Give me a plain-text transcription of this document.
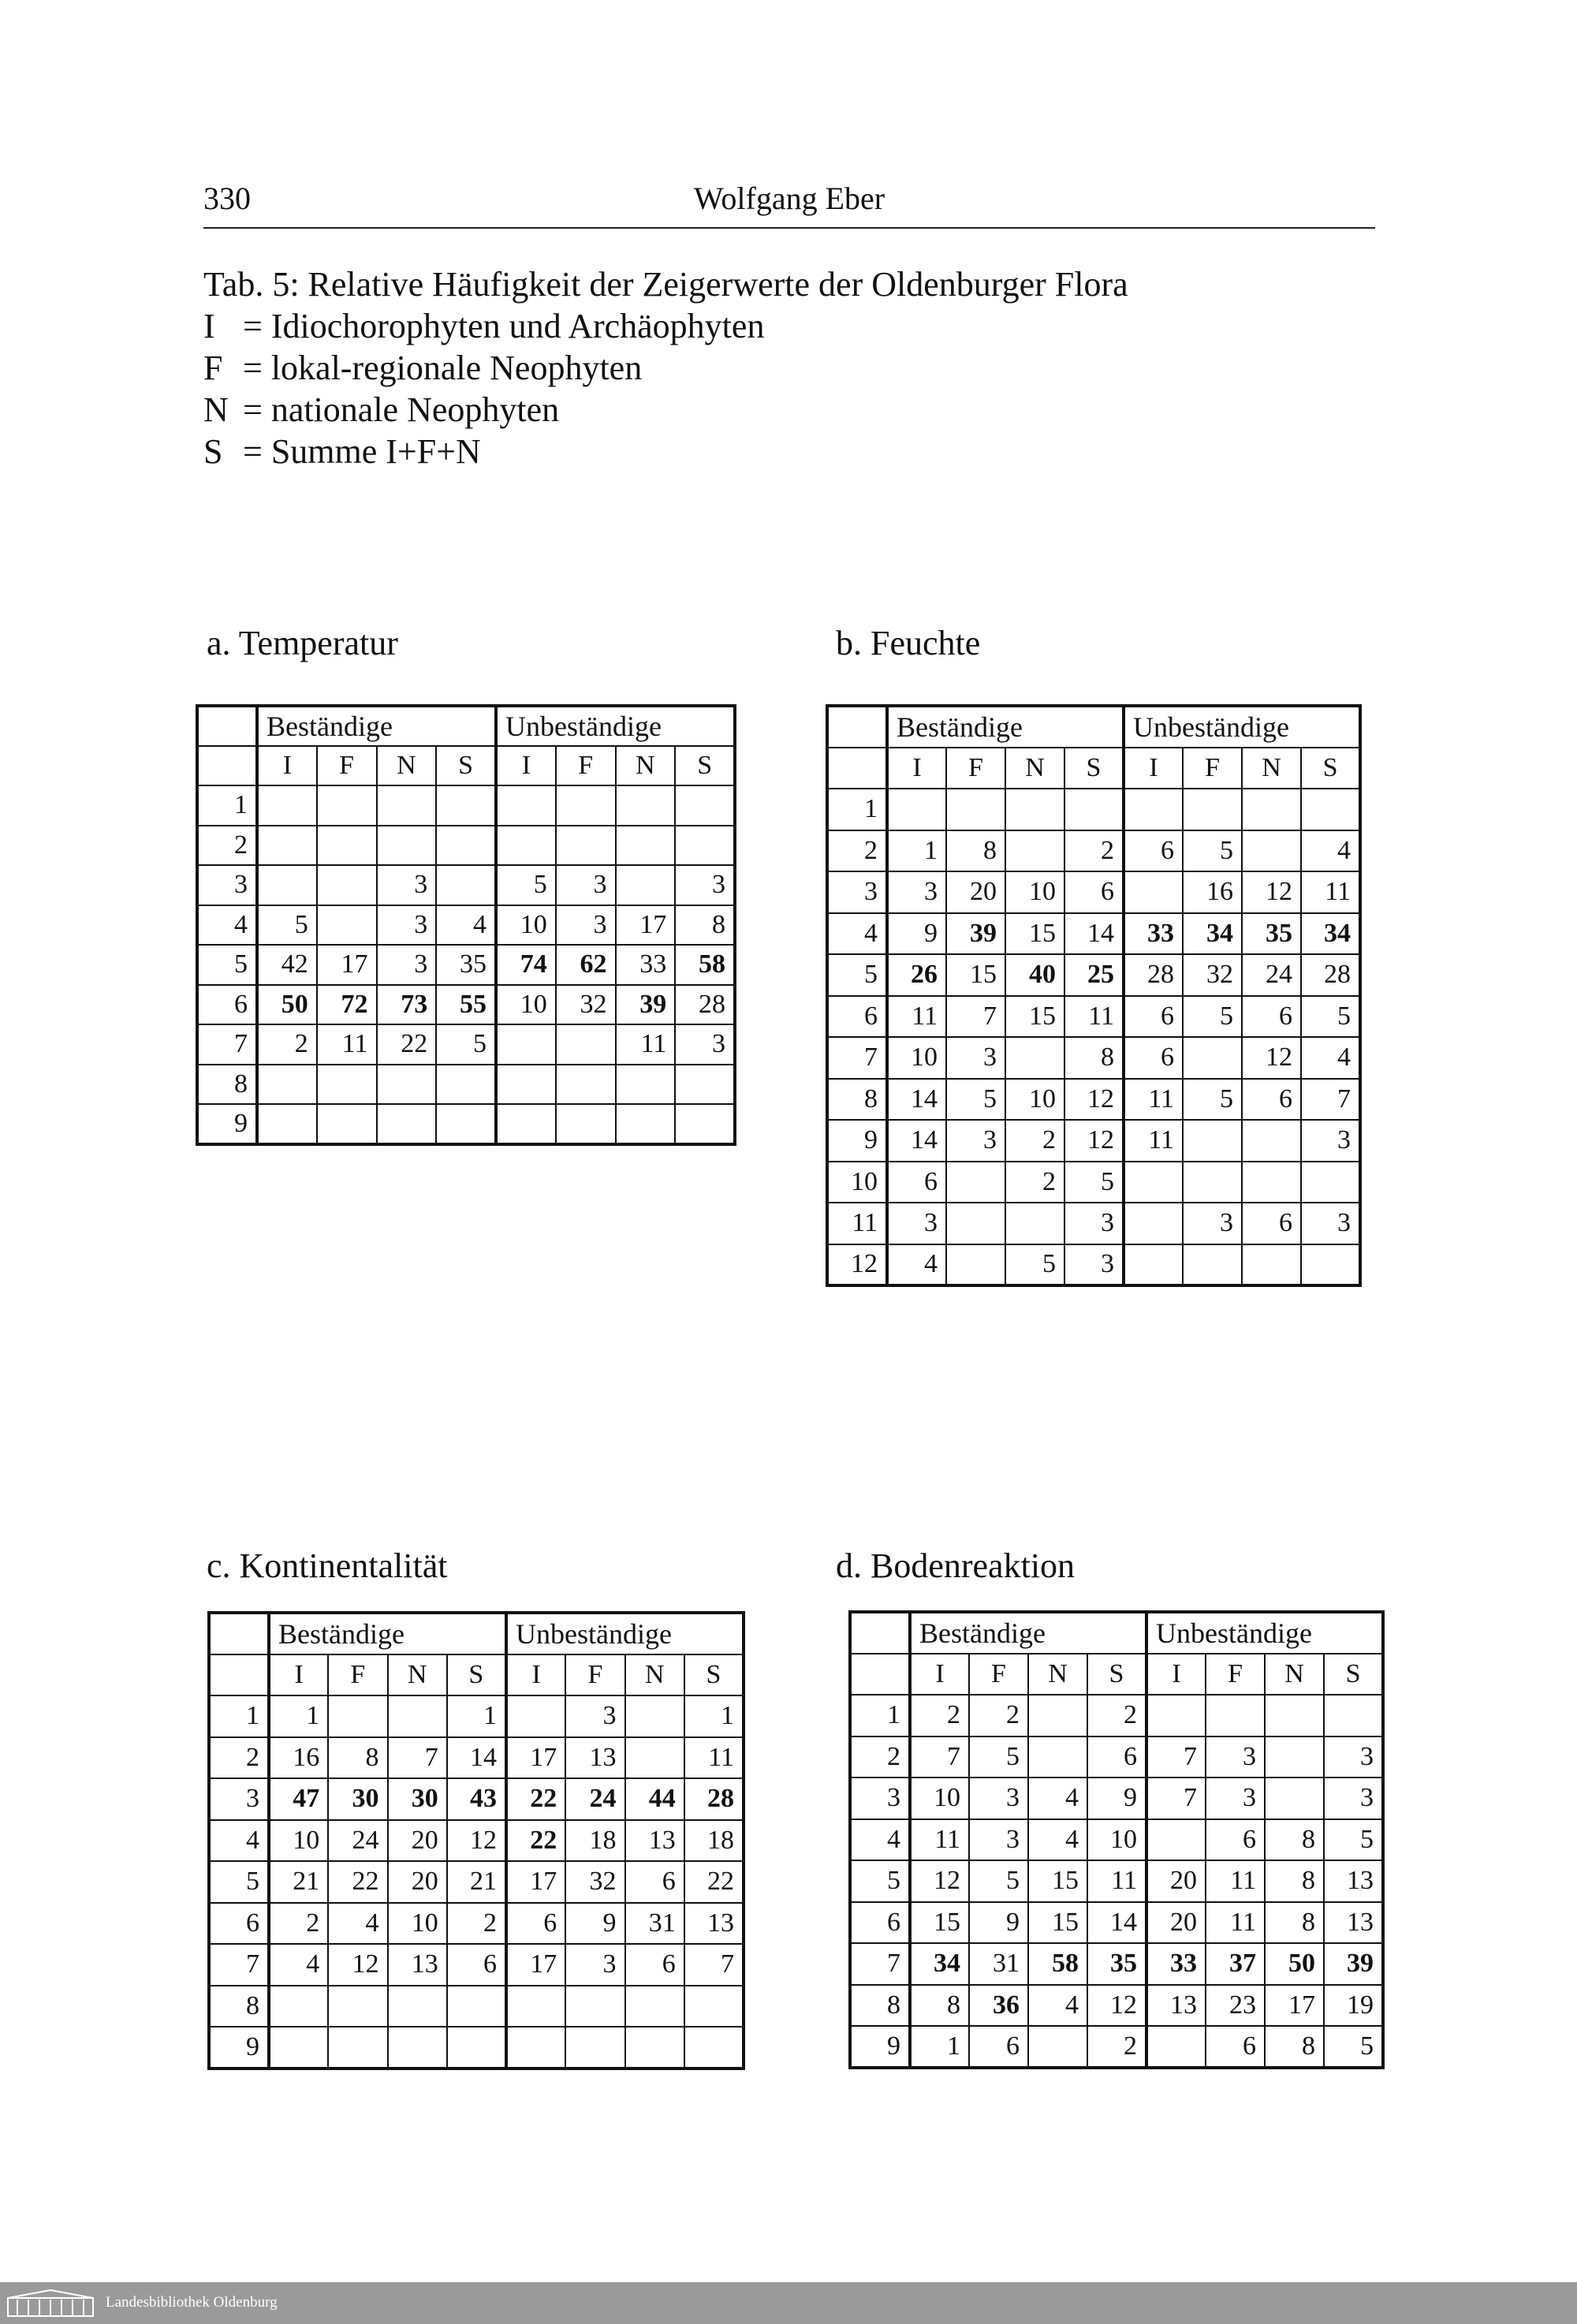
330	Wolfgang Eber
Tab. 5: Relative Häufigkeit der Zeigerwerte der Oldenburger Flora
I = Idiochorophyten und Archäophyten
F = lokal-regionale Neophyten
N = nationale Neophyten
S = Summe I+F+N
a. Temperatur	b. Feuchte
c. Kontinentalität	d. Bodenreaktion
	Beständige				Unbeständige			
	I	F	N	S	I	F	N	S
1								
2								
3			3		5	3		3
4	5		3	4	10	3	17	8
5	42	17	3	35	74	62	33	58
6	50	72	73	55	10	32	39	28
7	2	11	22	5			11	3
8								
9								
	Beständige				Unbeständige			
	I	F	N	S	I	F	N	S
1								
2	1	8		2	6	5		4
3	3	20	10	6		16	12	11
4	9	39	15	14	33	34	35	34
5	26	15	40	25	28	32	24	28
6	11	7	15	11	6	5	6	5
7	10	3		8	6		12	4
8	14	5	10	12	11	5	6	7
9	14	3	2	12	11			3
10	6		2	5				
11	3			3		3	6	3
12	4		5	3				
	Beständige				Unbeständige			
	I	F	N	S	I	F	N	S
1	1			1		3		1
2	16	8	7	14	17	13		11
3	47	30	30	43	22	24	44	28
4	10	24	20	12	22	18	13	18
5	21	22	20	21	17	32	6	22
6	2	4	10	2	6	9	31	13
7	4	12	13	6	17	3	6	7
8								
9								
	Beständige				Unbeständige			
	I	F	N	S	I	F	N	S
1	2	2		2				
2	7	5		6	7	3		3
3	10	3	4	9	7	3		3
4	11	3	4	10		6	8	5
5	12	5	15	11	20	11	8	13
6	15	9	15	14	20	11	8	13
7	34	31	58	35	33	37	50	39
8	8	36	4	12	13	23	17	19
9	1	6		2		6	8	5
Landesbibliothek Oldenburg
